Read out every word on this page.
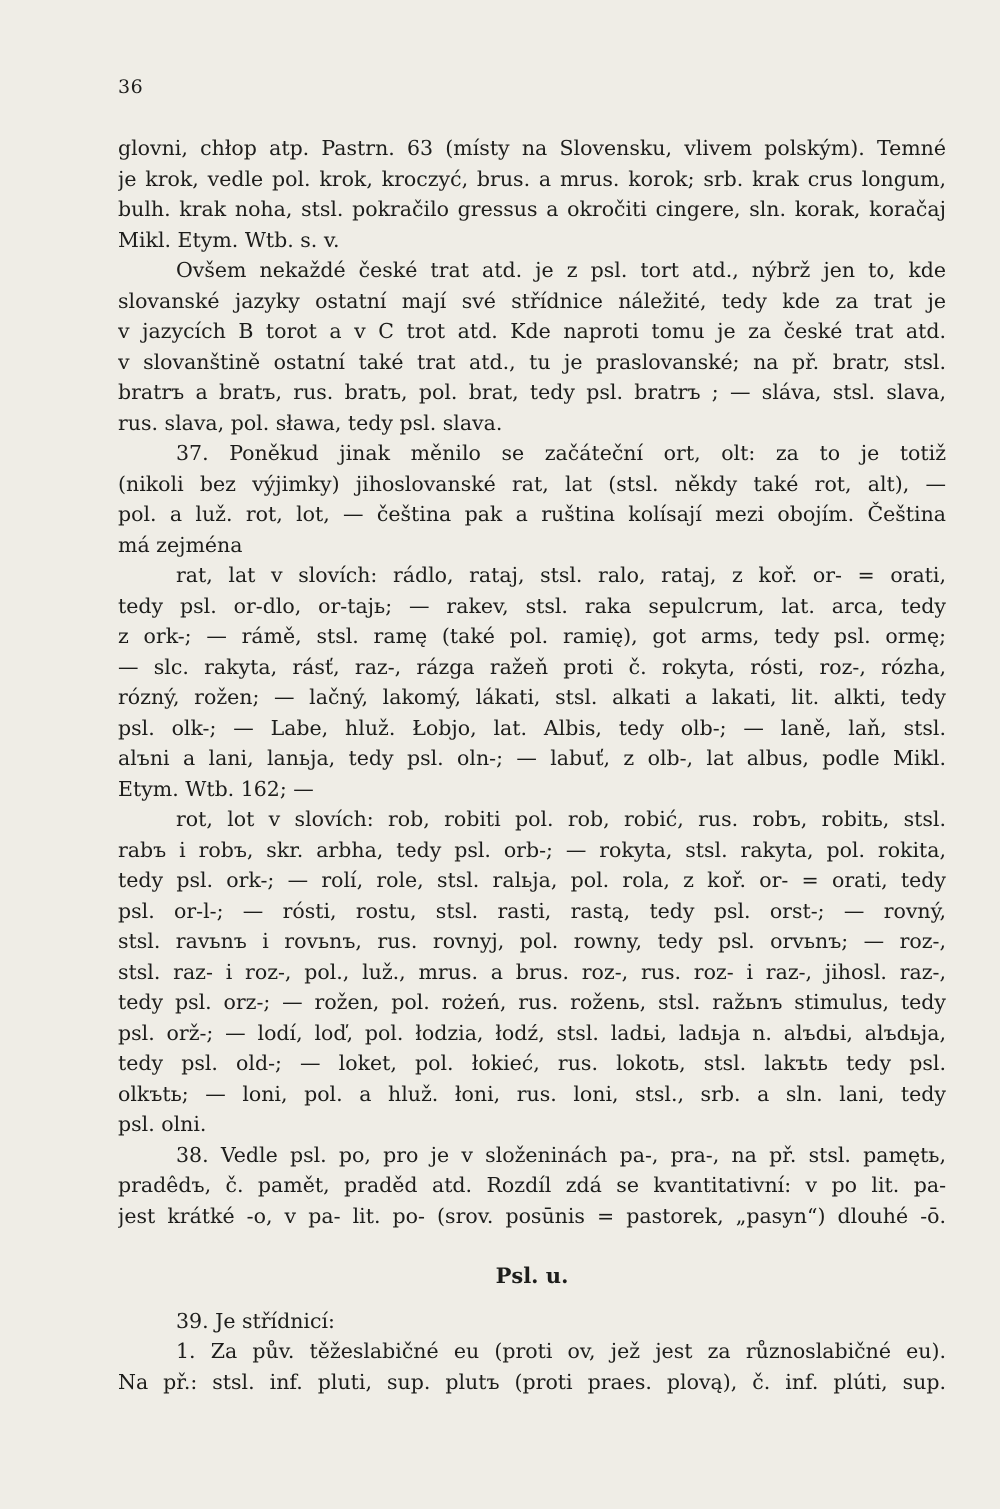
36
glovni, chłop atp. Pastrn. 63 (místy na Slovensku, vlivem polským). Temné
je krok, vedle pol. krok, kroczyć, brus. a mrus. korok; srb. krak crus longum,
bulh. krak noha, stsl. pokračilo gressus a okročiti cingere, sln. korak, koračaj
Mikl. Etym. Wtb. s. v.
Ovšem nekaždé české trat atd. je z psl. tort atd., nýbrž jen to, kde
slovanské jazyky ostatní mají své střídnice náležité, tedy kde za trat je
v jazycích B torot a v C trot atd. Kde naproti tomu je za české trat atd.
v slovanštině ostatní také trat atd., tu je praslovanské; na př. bratr, stsl.
bratrъ a bratъ, rus. bratъ, pol. brat, tedy psl. bratrъ ; — sláva, stsl. slava,
rus. slava, pol. sława, tedy psl. slava.
37. Poněkud jinak měnilo se začáteční ort, olt: za to je totiž
(nikoli bez výjimky) jihoslovanské rat, lat (stsl. někdy také rot, alt), —
pol. a luž. rot, lot, — čeština pak a ruština kolísají mezi obojím. Čeština
má zejména
rat, lat v slovích: rádlo, rataj, stsl. ralo, rataj, z koř. or- = orati,
tedy psl. or-dlo, or-tajь; — rakev, stsl. raka sepulcrum, lat. arca, tedy
z ork-; — rámě, stsl. ramę (také pol. ramię), got arms, tedy psl. ormę;
— slc. rakyta, rásť, raz-, rázga ražeň proti č. rokyta, rósti, roz-, rózha,
rózný, rožen; — lačný, lakomý, lákati, stsl. alkati a lakati, lit. alkti, tedy
psl. olk-; — Labe, hluž. Łobjo, lat. Albis, tedy olb-; — laně, laň, stsl.
alъni a lani, lanьja, tedy psl. oln-; — labuť, z olb-, lat albus, podle Mikl.
Etym. Wtb. 162; —
rot, lot v slovích: rob, robiti pol. rob, robić, rus. robъ, robitь, stsl.
rabъ i robъ, skr. arbha, tedy psl. orb-; — rokyta, stsl. rakyta, pol. rokita,
tedy psl. ork-; — rolí, role, stsl. ralьja, pol. rola, z koř. or- = orati, tedy
psl. or-l-; — rósti, rostu, stsl. rasti, rastą, tedy psl. orst-; — rovný,
stsl. ravьnъ i rovьnъ, rus. rovnyj, pol. rowny, tedy psl. orvьnъ; — roz-,
stsl. raz- i roz-, pol., luž., mrus. a brus. roz-, rus. roz- i raz-, jihosl. raz-,
tedy psl. orz-; — rožen, pol. rożeń, rus. roženь, stsl. ražьnъ stimulus, tedy
psl. orž-; — lodí, loď, pol. łodzia, łodź, stsl. ladьi, ladьja n. alъdьi, alъdьja,
tedy psl. old-; — loket, pol. łokieć, rus. lokotь, stsl. lakъtь tedy psl.
olkъtь; — loni, pol. a hluž. łoni, rus. loni, stsl., srb. a sln. lani, tedy
psl. olni.
38. Vedle psl. po, pro je v složeninách pa-, pra-, na př. stsl. pamętь,
pradêdъ, č. pamět, praděd atd. Rozdíl zdá se kvantitativní: v po lit. pa-
jest krátké -o, v pa- lit. po- (srov. posūnis = pastorek, „pasyn“) dlouhé -ō.
Psl. u.
39. Je střídnicí:
1. Za pův. těžeslabičné eu (proti ov, jež jest za různoslabičné eu).
Na př.: stsl. inf. pluti, sup. plutъ (proti praes. plovą), č. inf. plúti, sup.
